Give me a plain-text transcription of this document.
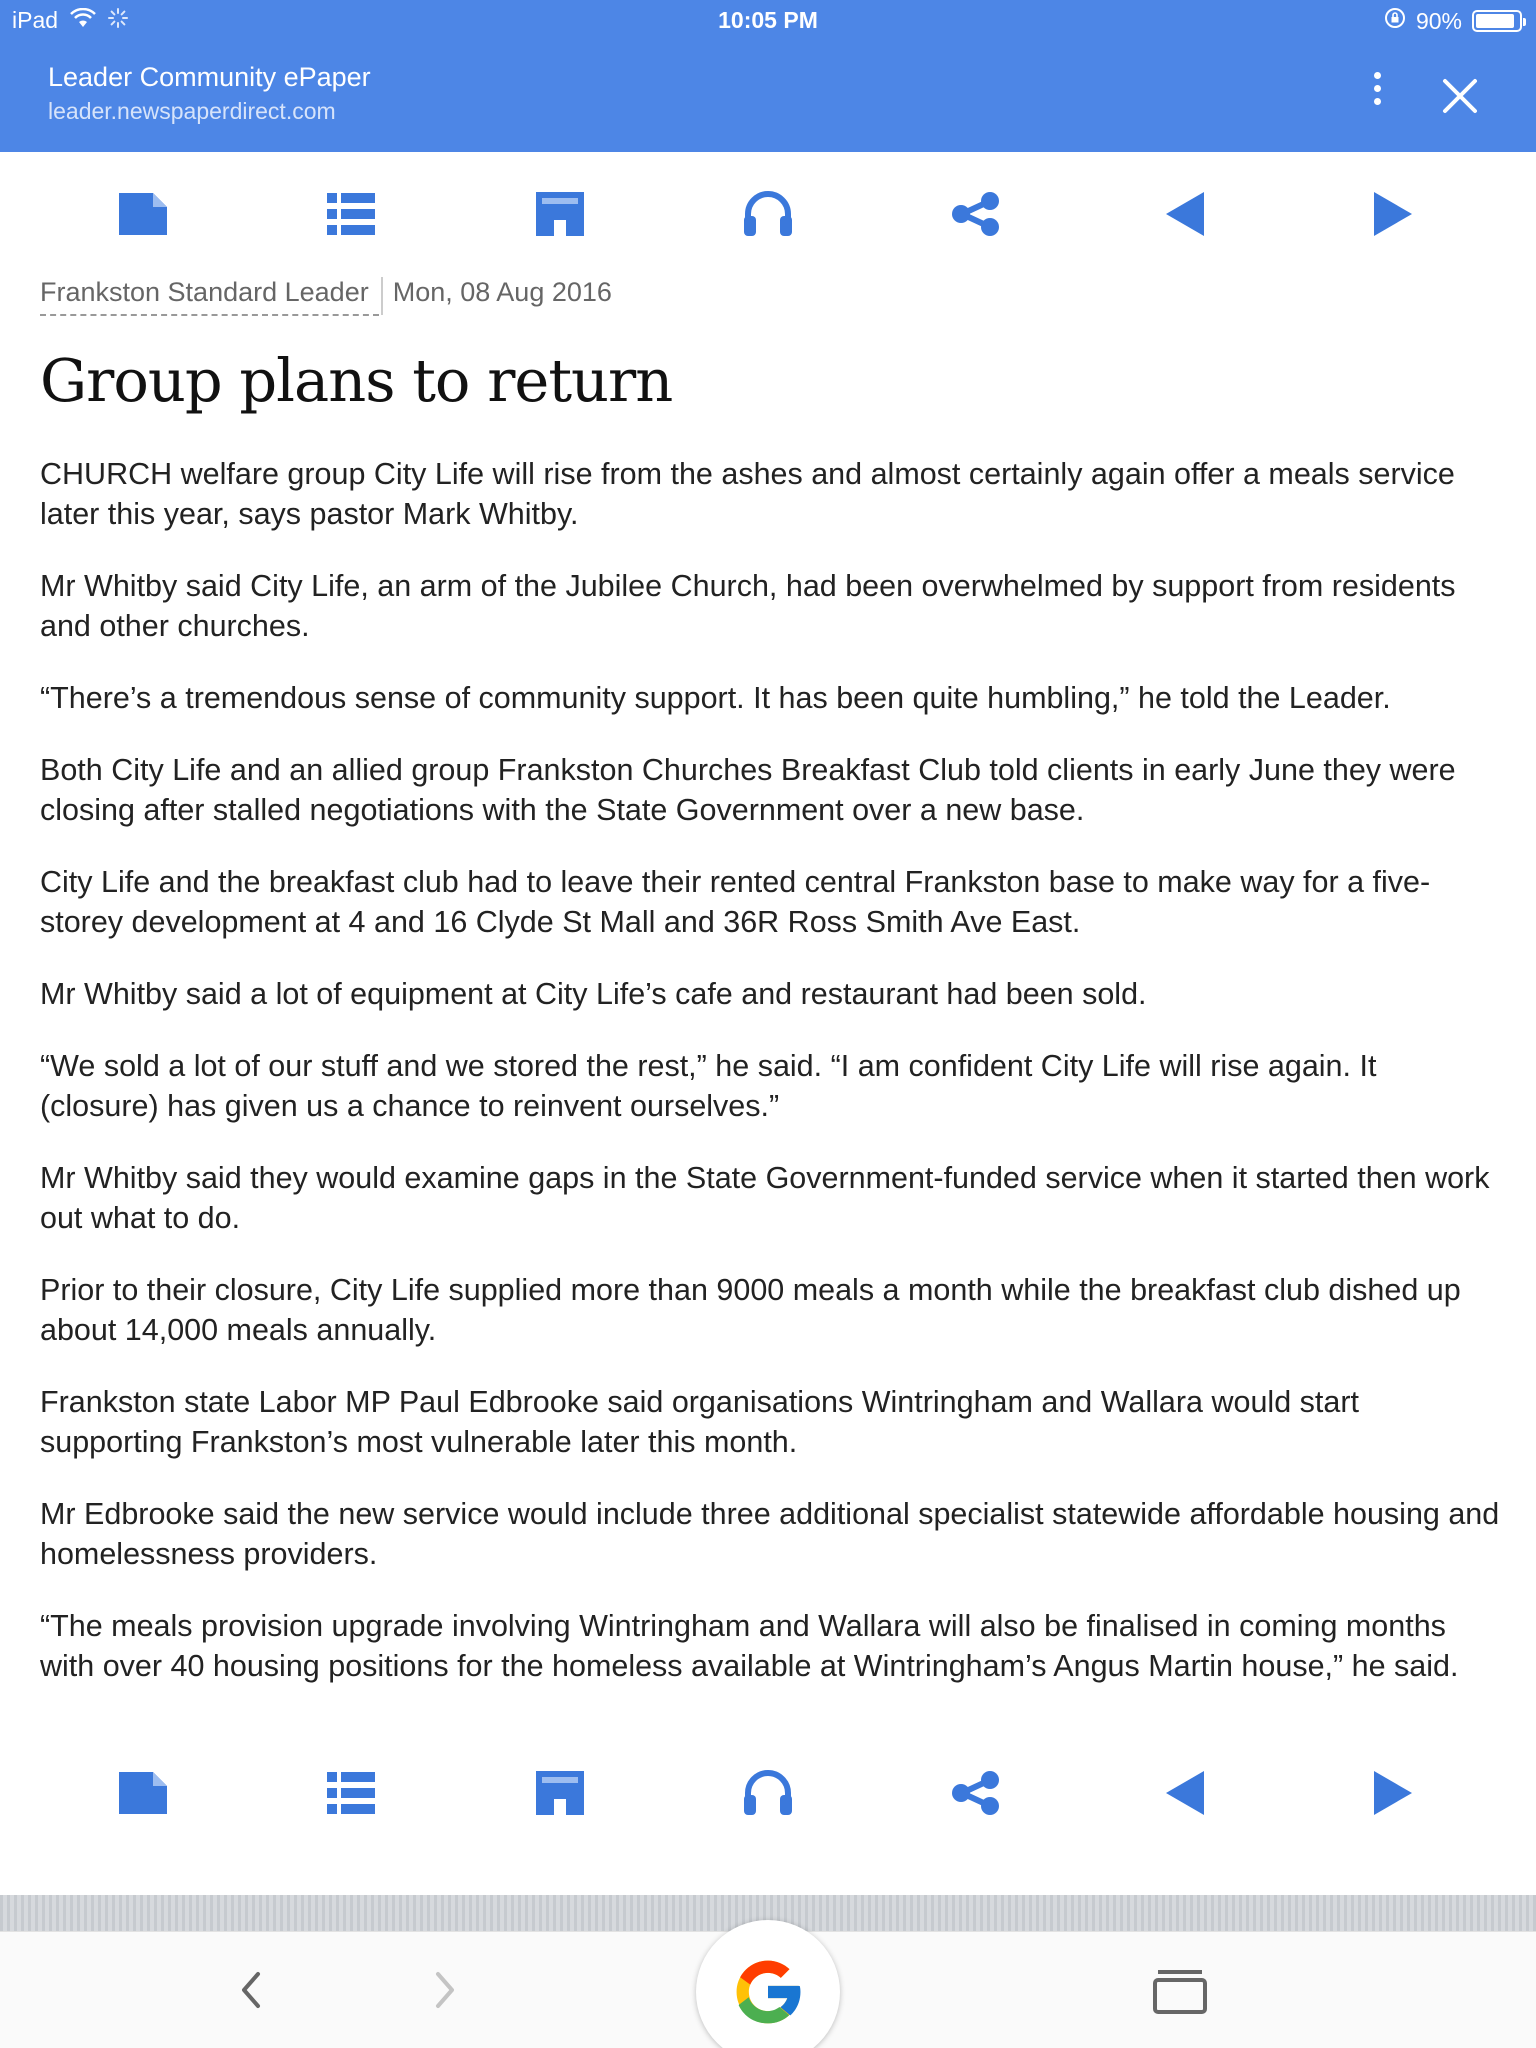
iPad	10:05 PM	90%
Leader Community ePaper
leader.newspaperdirect.com
Frankston Standard Leader Mon, 08 Aug 2016
Group plans to return

CHURCH welfare group City Life will rise from the ashes and almost certainly again offer a meals service later this year, says pastor Mark Whitby.

Mr Whitby said City Life, an arm of the Jubilee Church, had been overwhelmed by support from residents and other churches.

“There’s a tremendous sense of community support. It has been quite humbling,” he told the Leader.

Both City Life and an allied group Frankston Churches Breakfast Club told clients in early June they were closing after stalled negotiations with the State Government over a new base.

City Life and the breakfast club had to leave their rented central Frankston base to make way for a five-storey development at 4 and 16 Clyde St Mall and 36R Ross Smith Ave East.

Mr Whitby said a lot of equipment at City Life’s cafe and restaurant had been sold.

“We sold a lot of our stuff and we stored the rest,” he said. “I am confident City Life will rise again. It (closure) has given us a chance to reinvent ourselves.”

Mr Whitby said they would examine gaps in the State Government-funded service when it started then work out what to do.

Prior to their closure, City Life supplied more than 9000 meals a month while the breakfast club dished up about 14,000 meals annually.

Frankston state Labor MP Paul Edbrooke said organisations Wintringham and Wallara would start supporting Frankston’s most vulnerable later this month.

Mr Edbrooke said the new service would include three additional specialist statewide affordable housing and homelessness providers.

“The meals provision upgrade involving Wintringham and Wallara will also be finalised in coming months with over 40 housing positions for the homeless available at Wintringham’s Angus Martin house,” he said.
